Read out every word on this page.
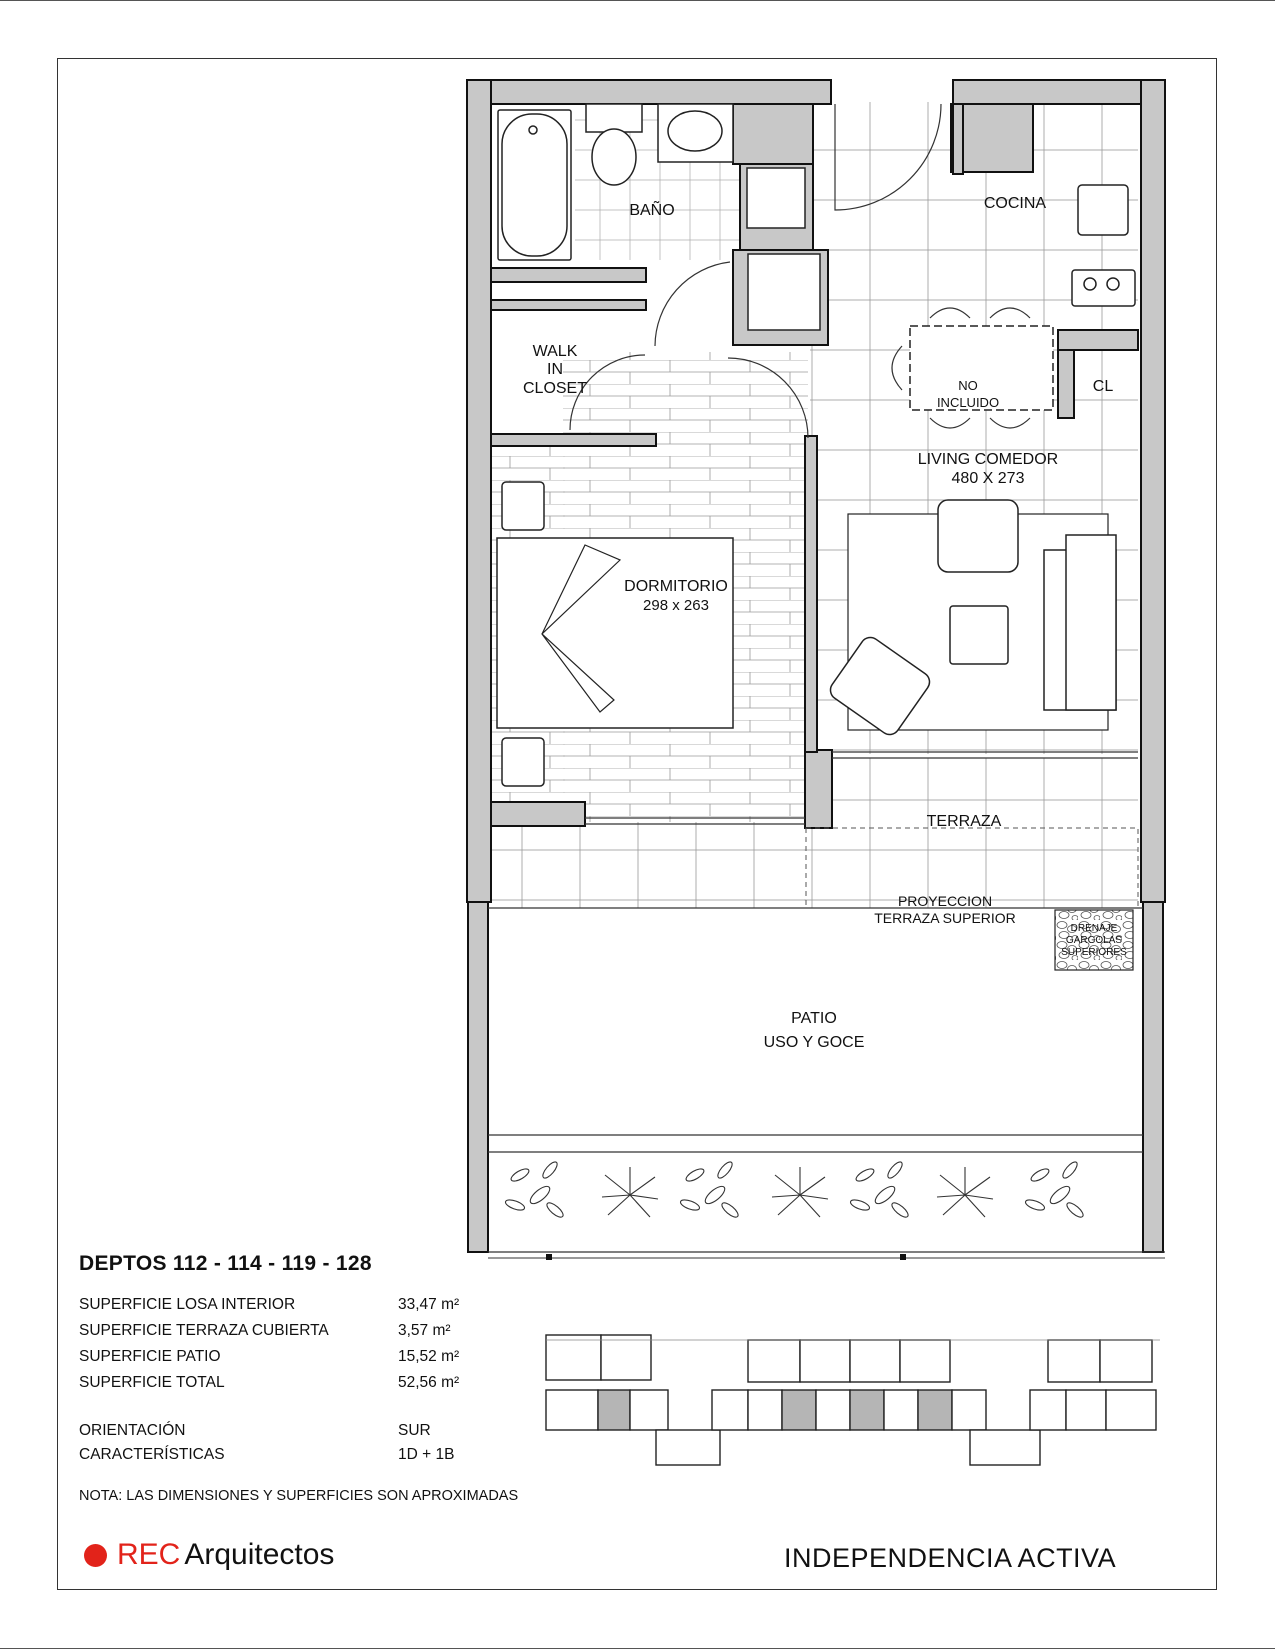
BAÑO	COCINA
WALK
IN
CLOSET	NO
INCLUIDO
CL
LIVING COMEDOR
480 X 273
DORMITORIO
298 x 263
TERRAZA
PROYECCION
TERRAZA SUPERIOR
DRENAJE
GARGOLAS
SUPERIORES
PATIO
USO Y GOCE
DEPTOS 112 - 114 - 119 - 128
SUPERFICIE LOSA INTERIOR	33,47 m²
SUPERFICIE TERRAZA CUBIERTA	3,57 m²
SUPERFICIE PATIO	15,52 m²
SUPERFICIE TOTAL	52,56 m²
ORIENTACIÓN	SUR
CARACTERÍSTICAS	1D + 1B
NOTA: LAS DIMENSIONES Y SUPERFICIES SON APROXIMADAS
REC Arquitectos	INDEPENDENCIA ACTIVA
